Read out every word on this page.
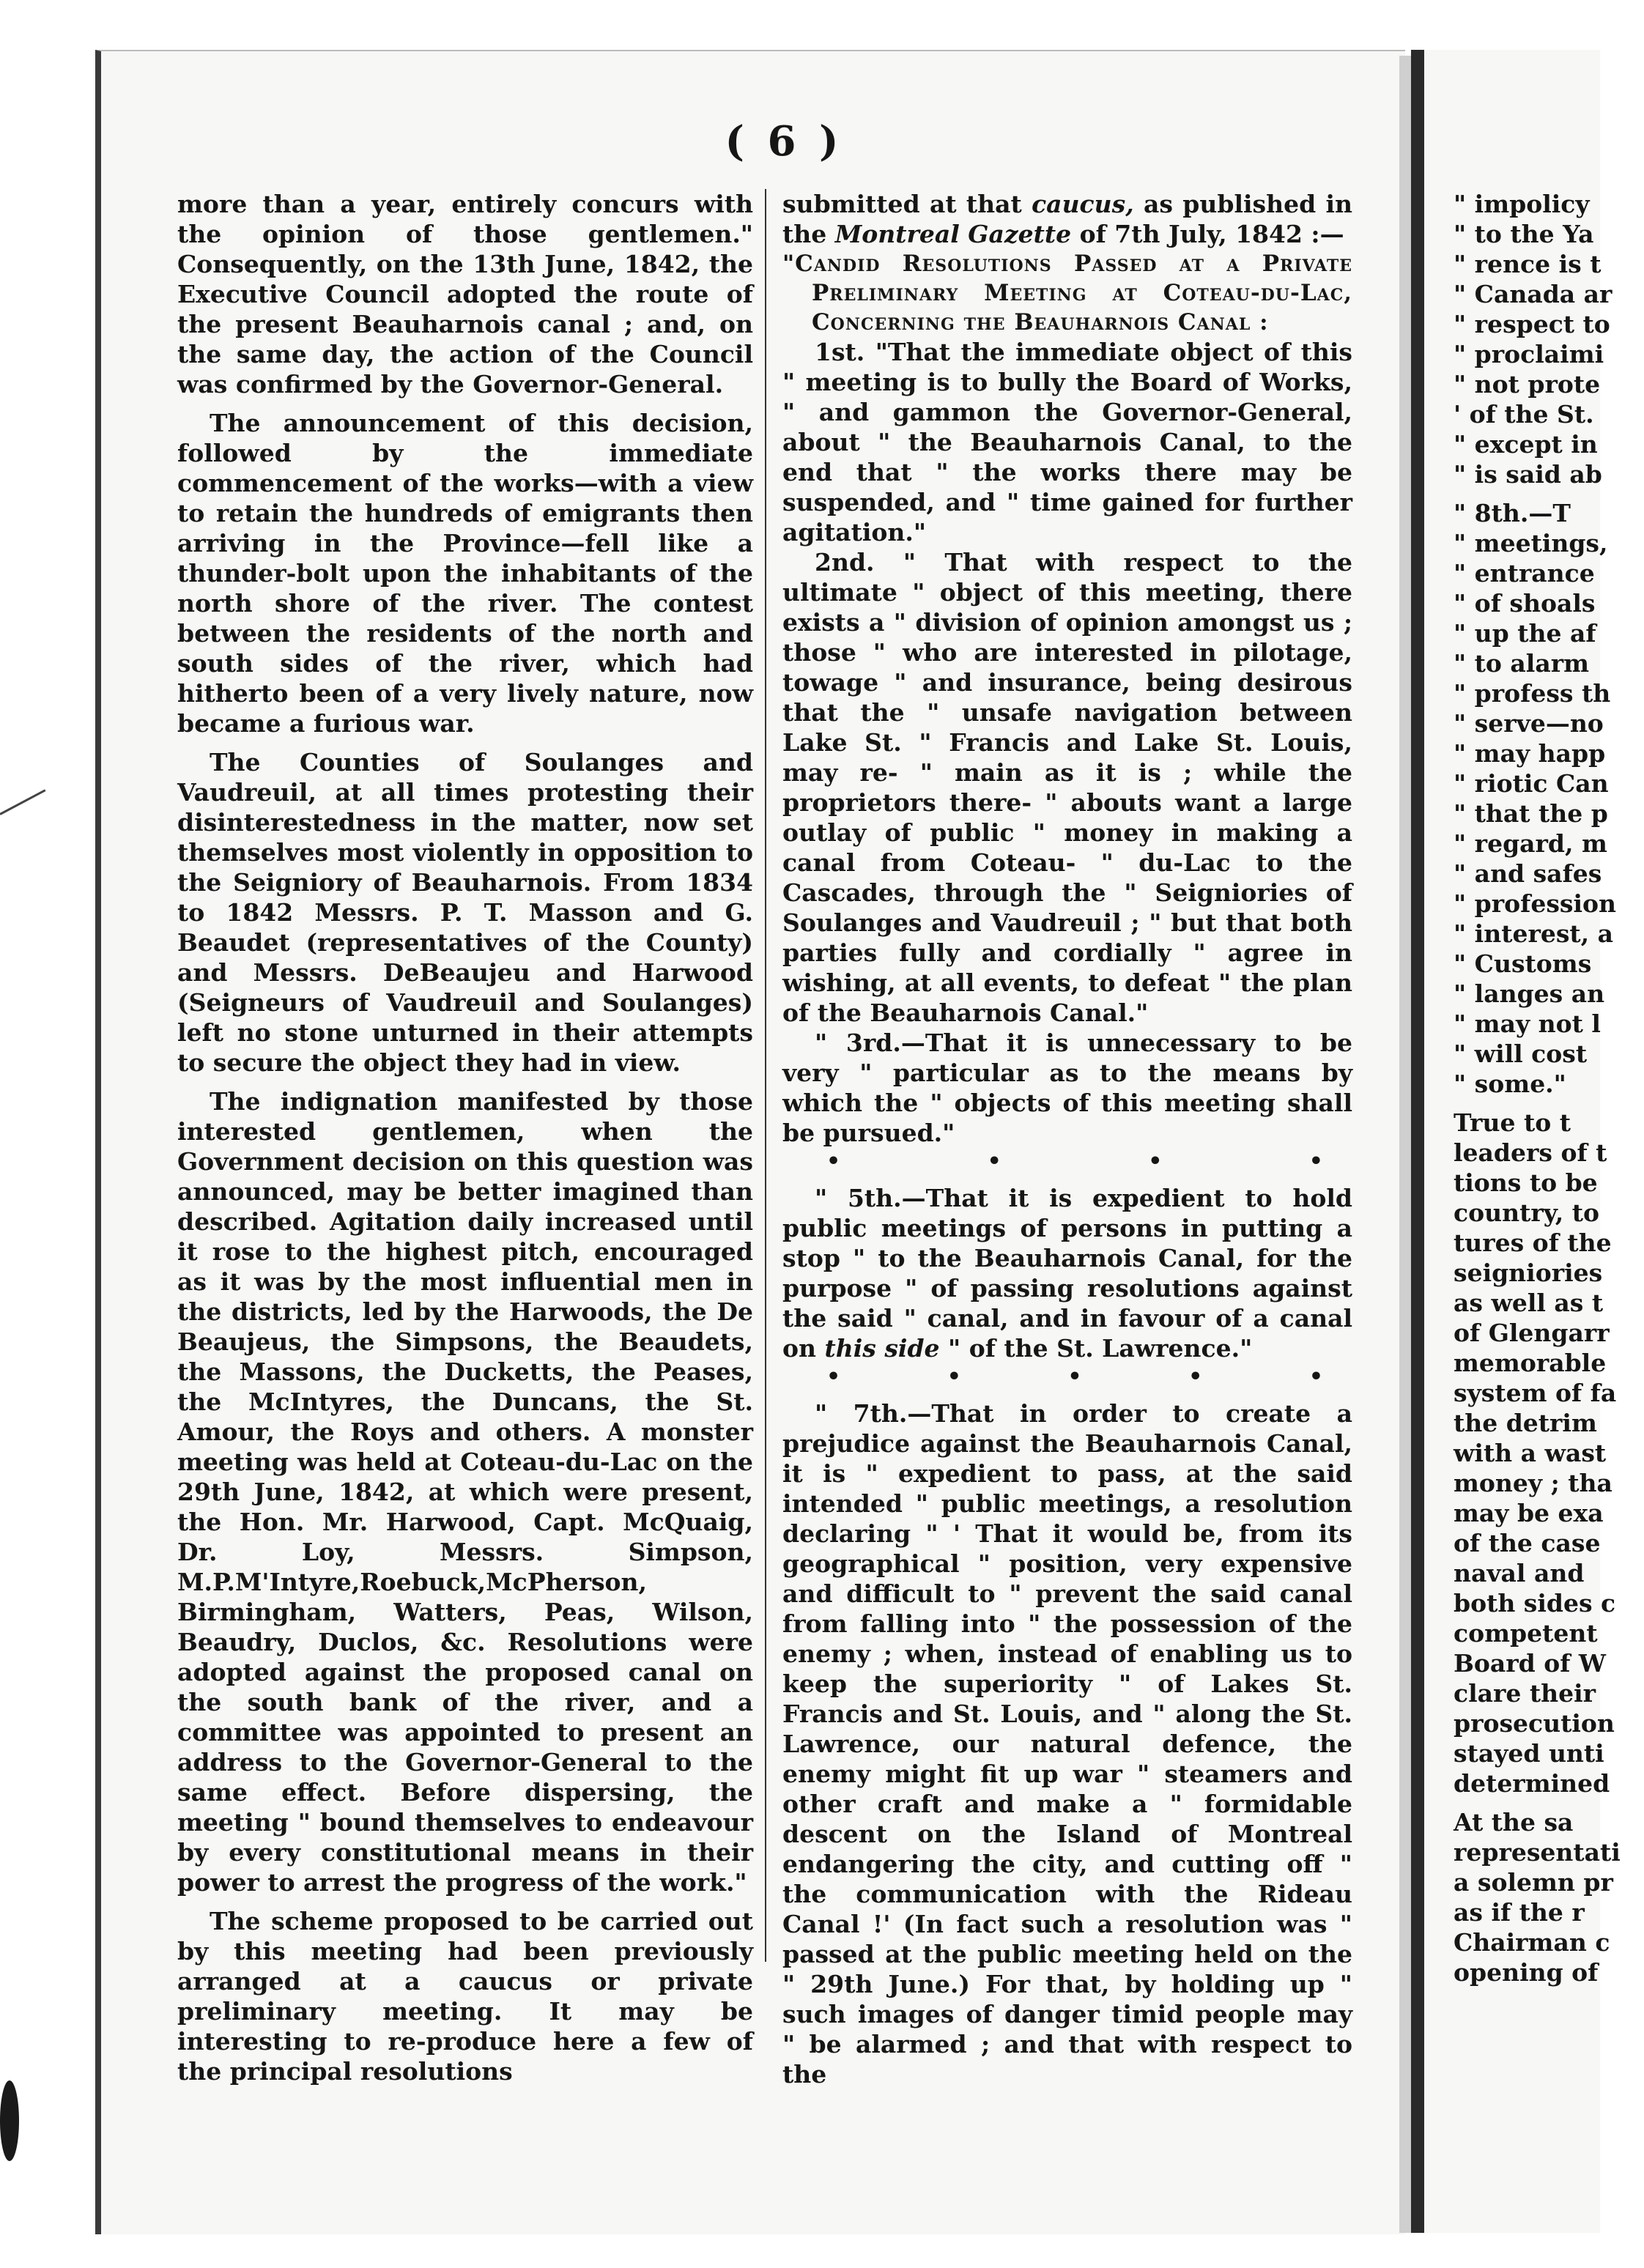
( 6 )

more than a year, entirely concurs with the opinion of those gentlemen." Consequently, on the 13th June, 1842, the Executive Council adopted the route of the present Beauharnois canal ; and, on the same day, the action of the Council was confirmed by the Governor-General.

The announcement of this decision, followed by the immediate commencement of the works—with a view to retain the hundreds of emigrants then arriving in the Province—fell like a thunder-bolt upon the inhabitants of the north shore of the river. The contest between the residents of the north and south sides of the river, which had hitherto been of a very lively nature, now became a furious war.

The Counties of Soulanges and Vaudreuil, at all times protesting their disinterestedness in the matter, now set themselves most violently in opposition to the Seigniory of Beauharnois. From 1834 to 1842 Messrs. P. T. Masson and G. Beaudet (representatives of the County) and Messrs. DeBeaujeu and Harwood (Seigneurs of Vaudreuil and Soulanges) left no stone unturned in their attempts to secure the object they had in view.

The indignation manifested by those interested gentlemen, when the Government decision on this question was announced, may be better imagined than described. Agitation daily increased until it rose to the highest pitch, encouraged as it was by the most influential men in the districts, led by the Harwoods, the De Beaujeus, the Simpsons, the Beaudets, the Massons, the Ducketts, the Peases, the McIntyres, the Duncans, the St. Amour, the Roys and others. A monster meeting was held at Coteau-du-Lac on the 29th June, 1842, at which were present, the Hon. Mr. Harwood, Capt. McQuaig, Dr. Loy, Messrs. Simpson, M.P.M'Intyre,Roebuck,McPherson, Birmingham, Watters, Peas, Wilson, Beaudry, Duclos, &c. Resolutions were adopted against the proposed canal on the south bank of the river, and a committee was appointed to present an address to the Governor-General to the same effect. Before dispersing, the meeting " bound themselves to endeavour by every constitutional means in their power to arrest the progress of the work."

The scheme proposed to be carried out by this meeting had been previously arranged at a caucus or private preliminary meeting. It may be interesting to re-produce here a few of the principal resolutions

submitted at that caucus, as published in the Montreal Gazette of 7th July, 1842 :—

"Candid Resolutions Passed at a Private Preliminary Meeting at Coteau-du-Lac, Concerning the Beauharnois Canal :

1st. "That the immediate object of this " meeting is to bully the Board of Works, " and gammon the Governor-General, about " the Beauharnois Canal, to the end that " the works there may be suspended, and " time gained for further agitation."

2nd. " That with respect to the ultimate " object of this meeting, there exists a " division of opinion amongst us ; those " who are interested in pilotage, towage " and insurance, being desirous that the " unsafe navigation between Lake St. " Francis and Lake St. Louis, may re- " main as it is ; while the proprietors there- " abouts want a large outlay of public " money in making a canal from Coteau- " du-Lac to the Cascades, through the " Seigniories of Soulanges and Vaudreuil ; " but that both parties fully and cordially " agree in wishing, at all events, to defeat " the plan of the Beauharnois Canal."

" 3rd.—That it is unnecessary to be very " particular as to the means by which the " objects of this meeting shall be pursued."

•	•	•	•

" 5th.—That it is expedient to hold public meetings of persons in putting a stop " to the Beauharnois Canal, for the purpose " of passing resolutions against the said " canal, and in favour of a canal on this side " of the St. Lawrence."

•	•	•	•	•

" 7th.—That in order to create a prejudice against the Beauharnois Canal, it is " expedient to pass, at the said intended " public meetings, a resolution declaring " ' That it would be, from its geographical " position, very expensive and difficult to " prevent the said canal from falling into " the possession of the enemy ; when, instead of enabling us to keep the superiority " of Lakes St. Francis and St. Louis, and " along the St. Lawrence, our natural defence, the enemy might fit up war " steamers and other craft and make a " formidable descent on the Island of Montreal endangering the city, and cutting off " the communication with the Rideau Canal !' (In fact such a resolution was " passed at the public meeting held on the " 29th June.) For that, by holding up " such images of danger timid people may " be alarmed ; and that with respect to the

" impolicy

" to the Ya

" rence is t

" Canada ar

" respect to

" proclaimi

" not prote

' of the St.

" except in

" is said ab

" 8th.—T

" meetings,

" entrance

" of shoals

" up the af

" to alarm

" profess th

" serve—no

" may happ

" riotic Can

" that the p

" regard, m

" and safes

" profession

" interest, a

" Customs

" langes an

" may not l

" will cost

" some."

True to t

leaders of t

tions to be

country, to

tures of the

seigniories

as well as t

of Glengarr

memorable

system of fa

the detrim

with a wast

money ; tha

may be exa

of the case

naval and

both sides c

competent

Board of W

clare their

prosecution

stayed unti

determined

At the sa

representati

a solemn pr

as if the r

Chairman c

opening of
